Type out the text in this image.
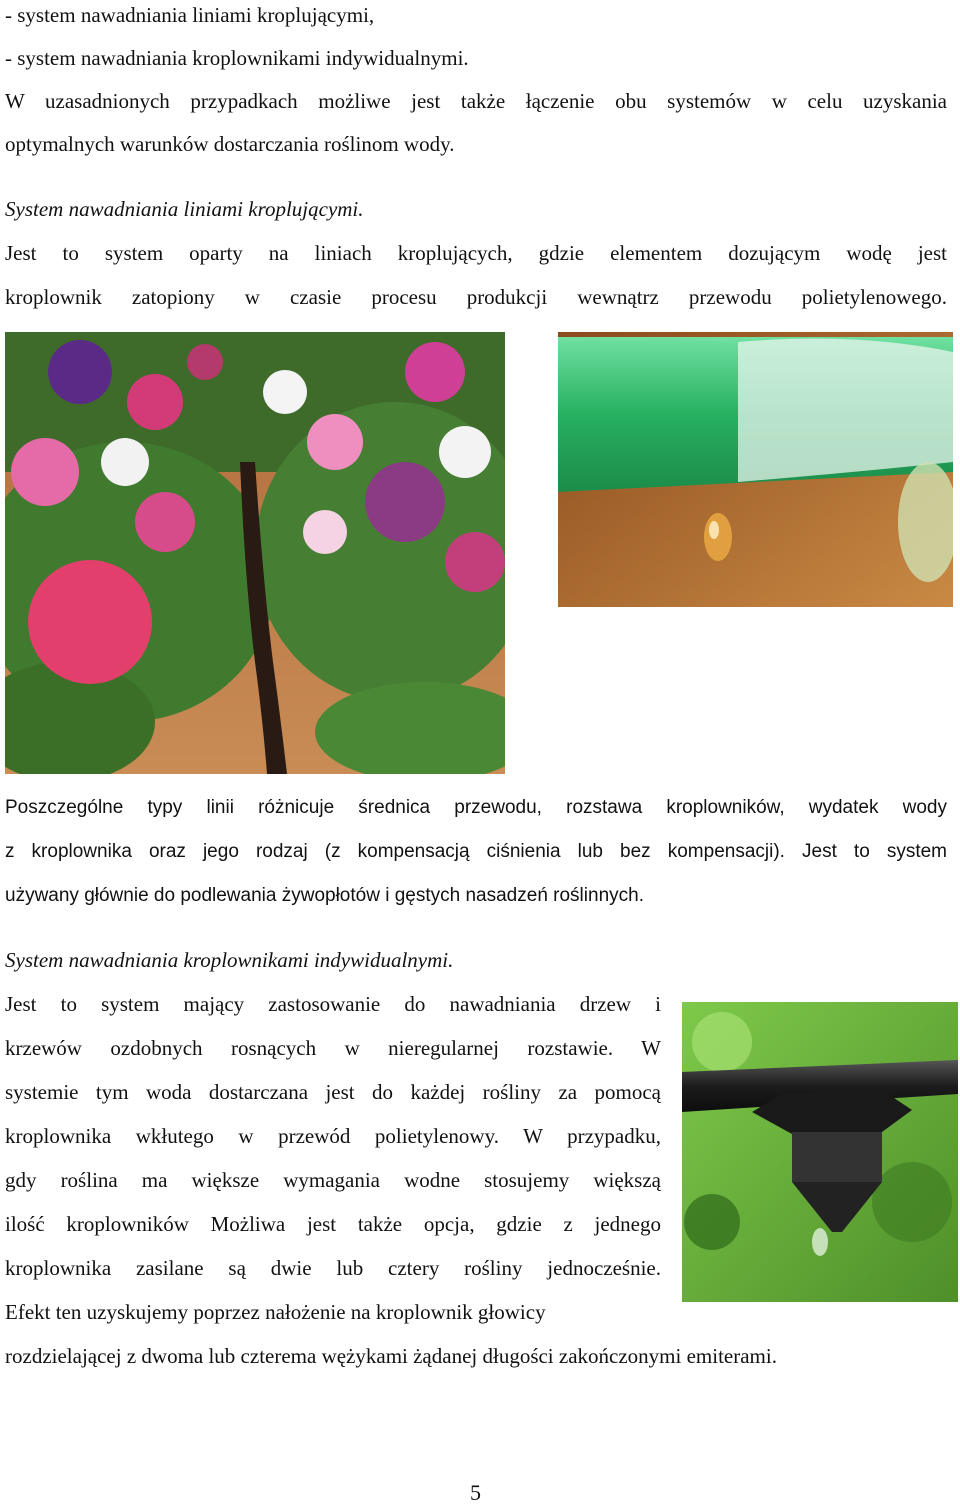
- system nawadniania liniami kroplującymi,
- system nawadniania kroplownikami indywidualnymi.
W uzasadnionych przypadkach możliwe jest także łączenie obu systemów w celu uzyskania
optymalnych warunków dostarczania roślinom wody.
System nawadniania liniami kroplującymi.
Jest to system oparty na liniach kroplujących, gdzie elementem dozującym wodę jest
kroplownik zatopiony w czasie procesu produkcji wewnątrz przewodu polietylenowego.
Poszczególne typy linii różnicuje średnica przewodu, rozstawa kroplowników, wydatek wody
z kroplownika oraz jego rodzaj (z kompensacją ciśnienia lub bez kompensacji). Jest to system
używany głównie do podlewania żywopłotów i gęstych nasadzeń roślinnych.
System nawadniania kroplownikami indywidualnymi.
Jest to system mający zastosowanie do nawadniania drzew i
krzewów ozdobnych rosnących w nieregularnej rozstawie. W
systemie tym woda dostarczana jest do każdej rośliny za pomocą
kroplownika wkłutego w przewód polietylenowy. W przypadku,
gdy roślina ma większe wymagania wodne stosujemy większą
ilość kroplowników Możliwa jest także opcja, gdzie z jednego
kroplownika zasilane są dwie lub cztery rośliny jednocześnie.
Efekt ten uzyskujemy poprzez nałożenie na kroplownik głowicy
rozdzielającej z dwoma lub czterema wężykami żądanej długości zakończonymi emiterami.
5
